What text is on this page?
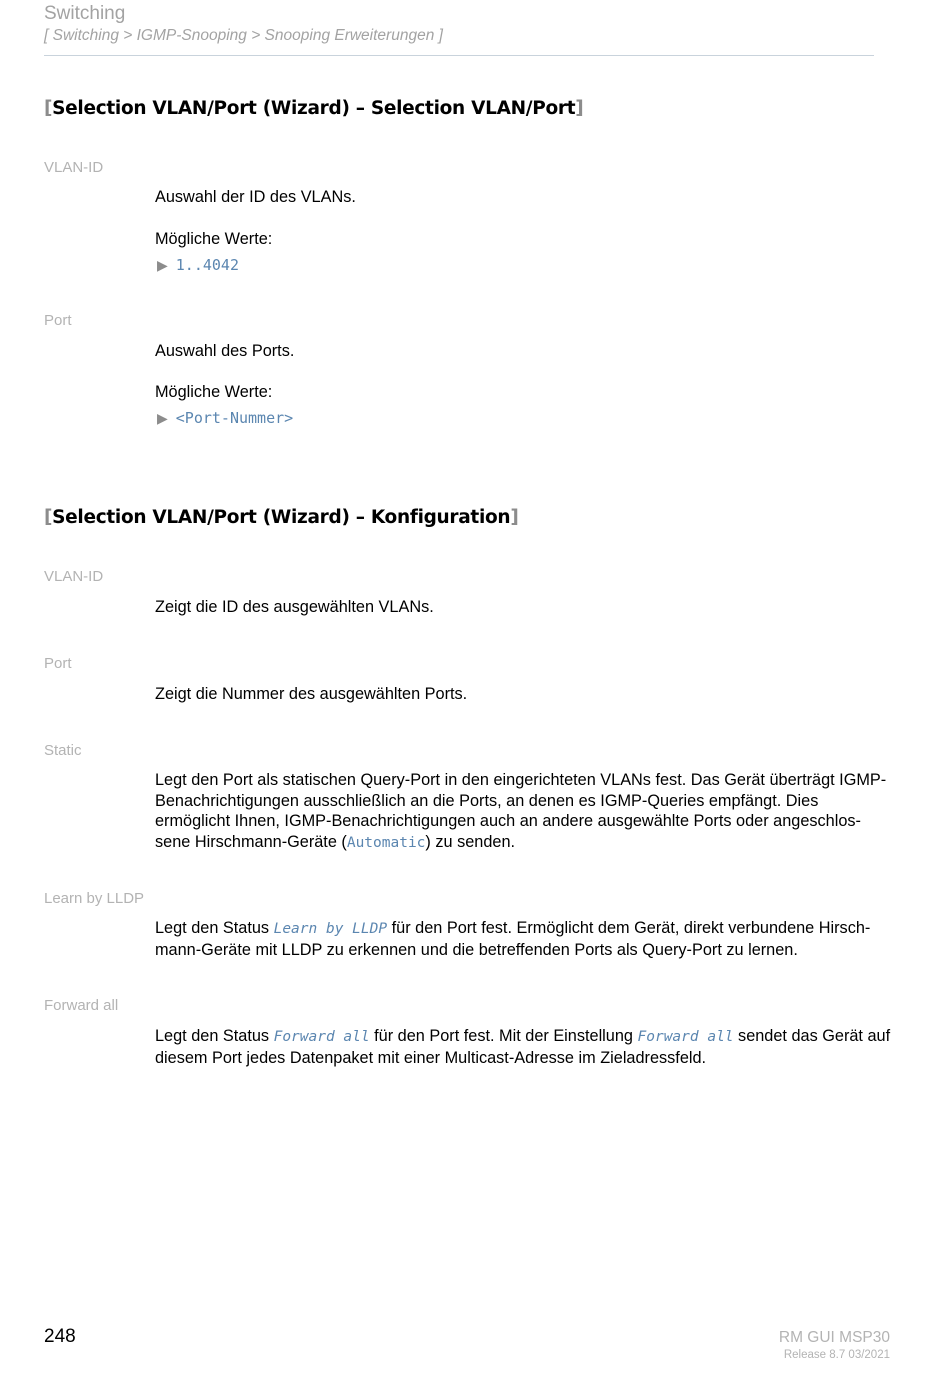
Switching
[ Switching > IGMP-Snooping > Snooping Erweiterungen ]
[Selection VLAN/Port (Wizard) – Selection VLAN/Port]
VLAN-ID
Auswahl der ID des VLANs.
Mögliche Werte:
▶ 1..4042
Port
Auswahl des Ports.
Mögliche Werte:
▶ <Port-Nummer>
[Selection VLAN/Port (Wizard) – Konfiguration]
VLAN-ID
Zeigt die ID des ausgewählten VLANs.
Port
Zeigt die Nummer des ausgewählten Ports.
Static
Legt den Port als statischen Query-Port in den eingerichteten VLANs fest. Das Gerät überträgt IGMP-Benachrichtigungen ausschließlich an die Ports, an denen es IGMP-Queries empfängt. Dies ermöglicht Ihnen, IGMP-Benachrichtigungen auch an andere ausgewählte Ports oder angeschlos-sene Hirschmann-Geräte (Automatic) zu senden.
Learn by LLDP
Legt den Status Learn by LLDP für den Port fest. Ermöglicht dem Gerät, direkt verbundene Hirsch-mann-Geräte mit LLDP zu erkennen und die betreffenden Ports als Query-Port zu lernen.
Forward all
Legt den Status Forward all für den Port fest. Mit der Einstellung Forward all sendet das Gerät auf diesem Port jedes Datenpaket mit einer Multicast-Adresse im Zieladressfeld.
248	RM GUI MSP30
Release 8.7 03/2021
